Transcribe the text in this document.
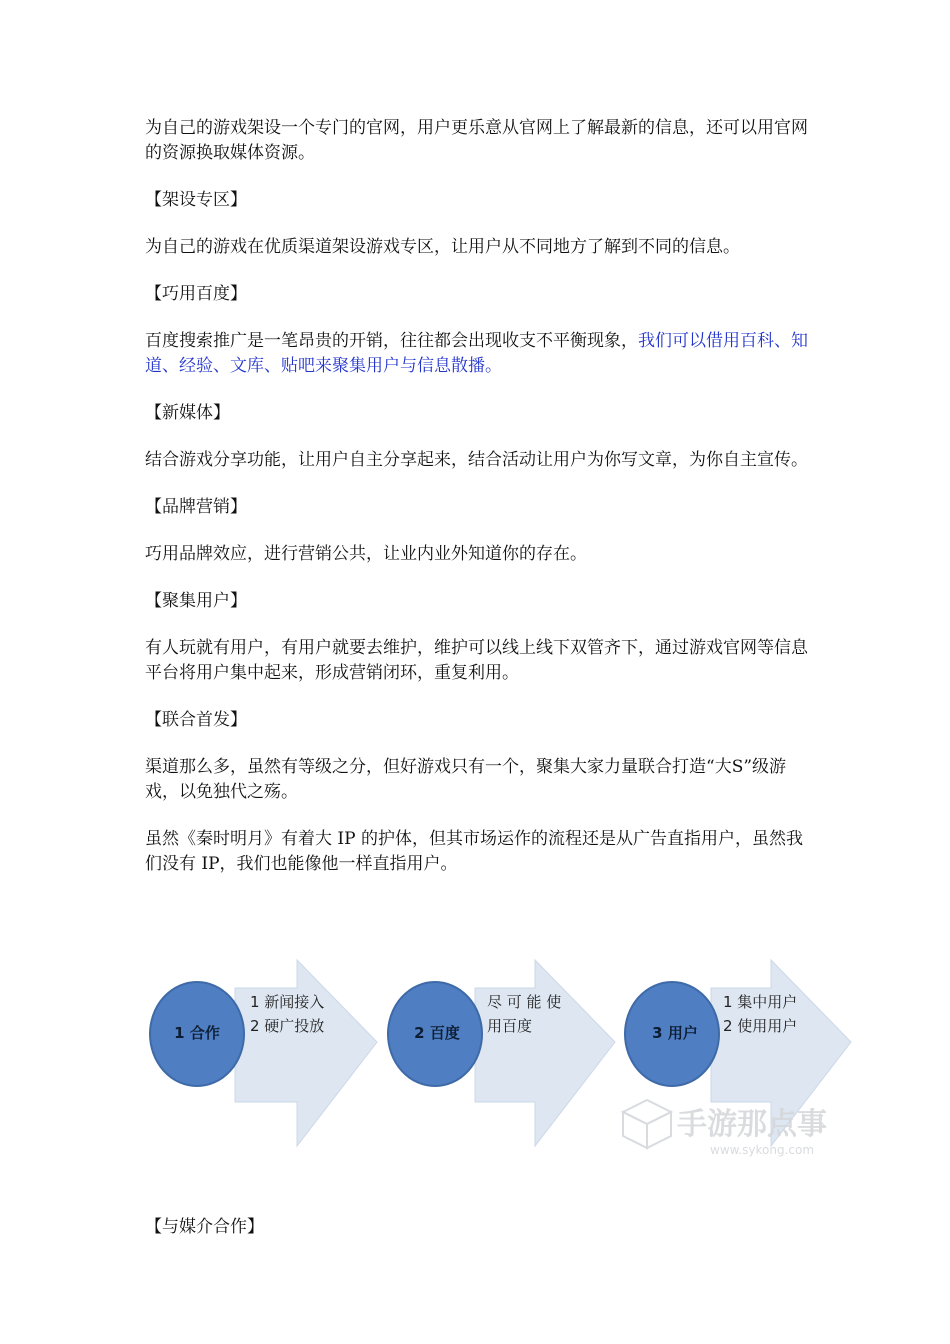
为自己的游戏架设一个专门的官网，用户更乐意从官网上了解最新的信息，还可以用官网的资源换取媒体资源。

【架设专区】

为自己的游戏在优质渠道架设游戏专区，让用户从不同地方了解到不同的信息。

【巧用百度】

百度搜索推广是一笔昂贵的开销，往往都会出现收支不平衡现象，我们可以借用百科、知道、经验、文库、贴吧来聚集用户与信息散播。

【新媒体】

结合游戏分享功能，让用户自主分享起来，结合活动让用户为你写文章，为你自主宣传。

【品牌营销】

巧用品牌效应，进行营销公共，让业内业外知道你的存在。

【聚集用户】

有人玩就有用户，有用户就要去维护，维护可以线上线下双管齐下，通过游戏官网等信息平台将用户集中起来，形成营销闭环，重复利用。

【联合首发】

渠道那么多，虽然有等级之分，但好游戏只有一个，聚集大家力量联合打造“大S”级游戏，以免独代之殇。

虽然《秦时明月》有着大 IP 的护体，但其市场运作的流程还是从广告直指用户，虽然我们没有 IP，我们也能像他一样直指用户。

1 合作
1 新闻接入
2 硬广投放	2 百度
尽 可 能 使
用百度	3 用户
1 集中用户
2 使用用户
手游那点事
www.sykong.com

【与媒介合作】
